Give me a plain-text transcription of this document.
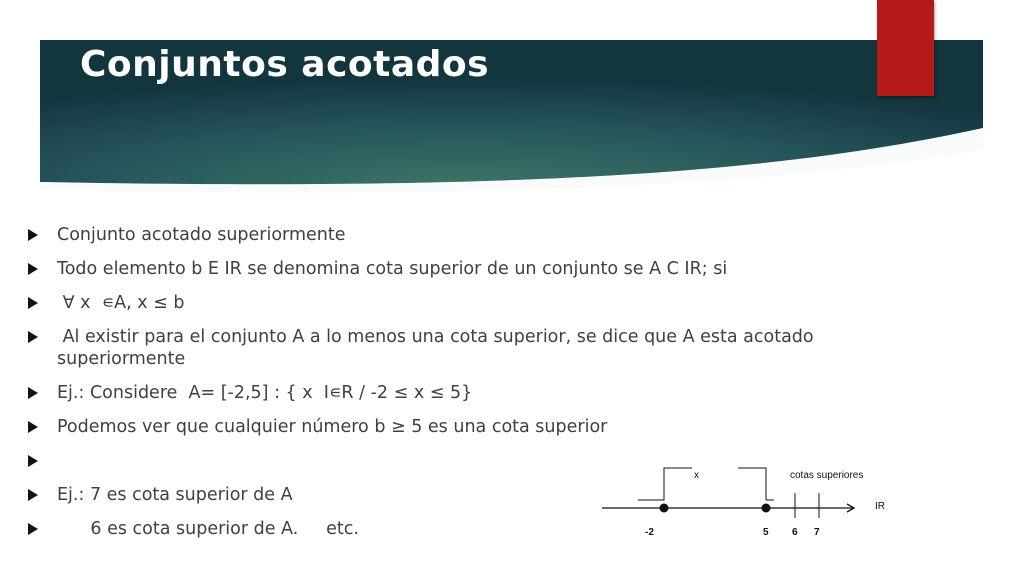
Conjuntos acotados
Conjunto acotado superiormente
Todo elemento b E IR se denomina cota superior de un conjunto se A C IR; si
∀ x  ∊A, x ≤ b
Al existir para el conjunto A a lo menos una cota superior, se dice que A esta acotado superiormente
Ej.: Considere  A= [-2,5] : { x  I∊R / -2 ≤ x ≤ 5}
Podemos ver que cualquier número b ≥ 5 es una cota superior
Ej.: 7 es cota superior de A
6 es cota superior de A.     etc.
x	cotas superiores
IR
-2	5 6 7
